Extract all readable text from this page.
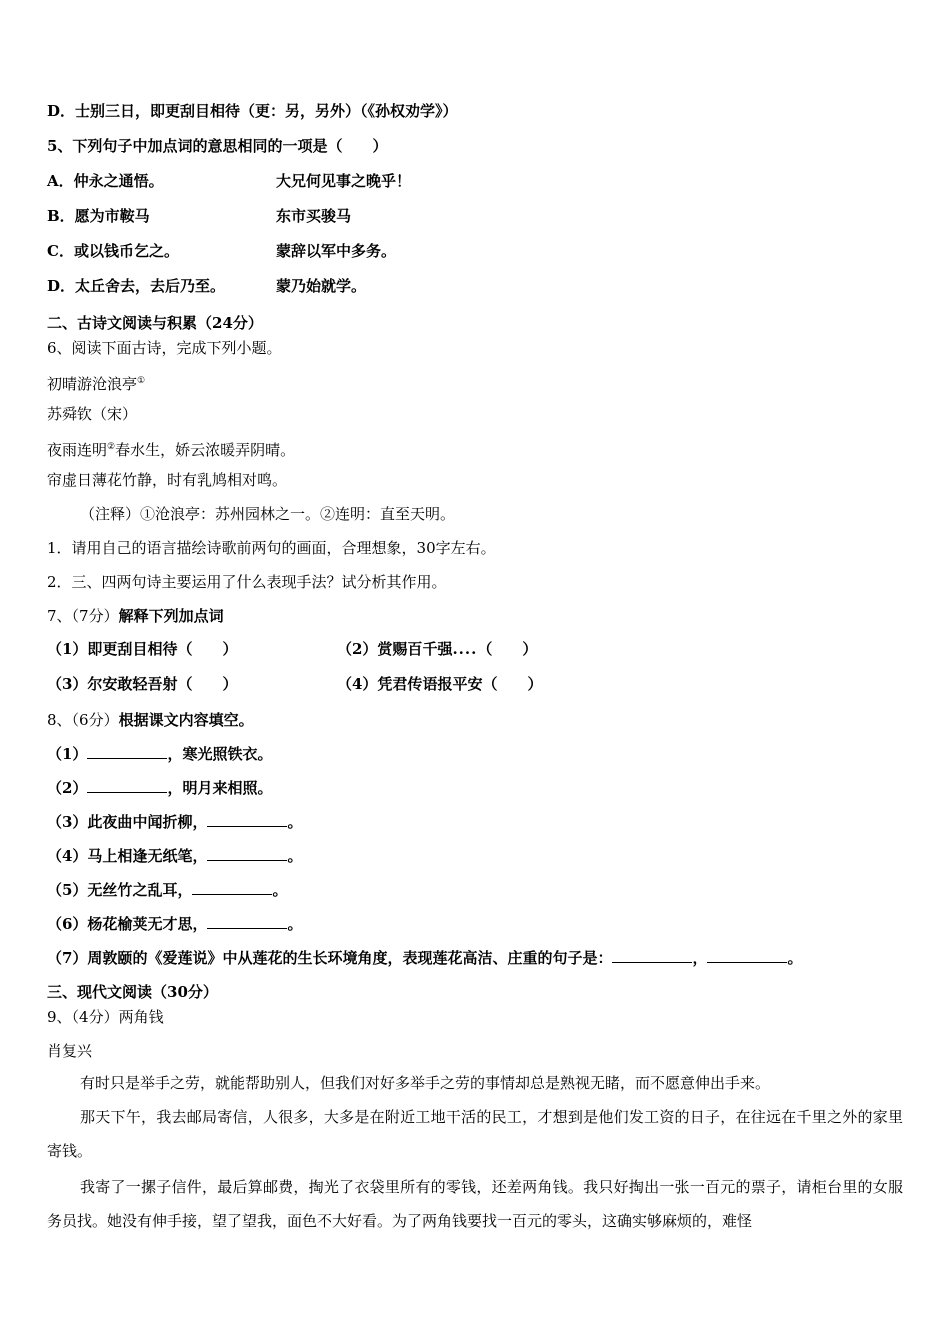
D．士别三日，即更刮目相待（更：另，另外）（《孙权劝学》）
5、下列句子中加点词的意思相同的一项是（　　）
A．仲永之通悟。	大兄何见事之晚乎！
B．愿为市鞍马	东市买骏马
C．或以钱币乞之。	蒙辞以军中多务。
D．太丘舍去，去后乃至。	蒙乃始就学。
二、古诗文阅读与积累（24分）
6、阅读下面古诗，完成下列小题。
初晴游沧浪亭①
苏舜钦（宋）
夜雨连明②春水生，娇云浓暖弄阴晴。
帘虚日薄花竹静，时有乳鸠相对鸣。
（注释）①沧浪亭：苏州园林之一。②连明：直至天明。
1．请用自己的语言描绘诗歌前两句的画面，合理想象，30字左右。
2．三、四两句诗主要运用了什么表现手法？试分析其作用。
7、（7分）解释下列加点词
（1）即更刮目相待（　　）	（2）赏赐百千强....（　　）
（3）尔安敢轻吾射（　　）	（4）凭君传语报平安（　　）
8、（6分）根据课文内容填空。
（1）	，寒光照铁衣。
（2）	，明月来相照。
（3）此夜曲中闻折柳，	。
（4）马上相逢无纸笔，	。
（5）无丝竹之乱耳，	。
（6）杨花榆荚无才思，	。
（7）周敦颐的《爱莲说》中从莲花的生长环境角度，表现莲花高洁、庄重的句子是：	，	。
三、现代文阅读（30分）
9、（4分）两角钱
肖复兴
有时只是举手之劳，就能帮助别人，但我们对好多举手之劳的事情却总是熟视无睹，而不愿意伸出手来。
那天下午，我去邮局寄信，人很多，大多是在附近工地干活的民工，才想到是他们发工资的日子，在往远在千里之外的家里寄钱。
我寄了一摞子信件，最后算邮费，掏光了衣袋里所有的零钱，还差两角钱。我只好掏出一张一百元的票子，请柜台里的女服务员找。她没有伸手接，望了望我，面色不大好看。为了两角钱要找一百元的零头，这确实够麻烦的，难怪
